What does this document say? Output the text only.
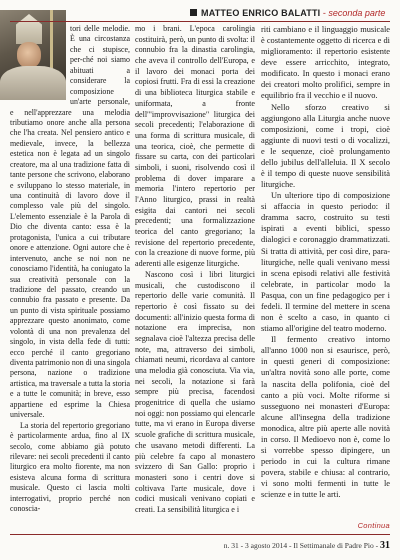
MATTEO ENRICO BALATTI - seconda parte

tori delle melodie. È una circostanza che ci stupisce, per-ché noi siamo abituati a considerare la composizione un'arte personale, e nell'apprezzare una melodia tributiamo onore anche alla persona che l'ha creata. Nel pensiero antico e medievale, invece, la bellezza estetica non è legata ad un singolo creatore, ma al una tradizione fatta di tante persone che scrivono, elaborano e sviluppano lo stesso materiale, in una continuità di lavoro dove il complesso vale più del singolo. L'elemento essenziale è la Parola di Dio che diventa canto: essa è la protagonista, l'unica a cui tributare onore e attenzione. Ogni autore che è intervenuto, anche se noi non ne conosciamo l'identità, ha coniugato la sua creatività personale con la tradizione del passato, creando un connubio fra passato e presente. Da un punto di vista spirituale possiamo apprezzare questo anonimato, come volontà di una non prevalenza del singolo, in vista della fede di tutti: ecco perché il canto gregoriano diventa patrimonio non di una singola persona, nazione o tradizione artistica, ma traversale a tutta la storia e a tutte le comunità; in breve, esso appartiene ed esprime la Chiesa universale.

La storia del repertorio gregoriano è particolarmente ardua, fino al IX secolo, come abbiamo già potuto rilevare: nei secoli precedenti il canto liturgico era molto fiorente, ma non esisteva alcuna forma di scrittura musicale. Questo ci lascia molti interrogativi, proprio perché non conoscia-

mo i brani. L'epoca carolingia costituirà, però, un punto di svolta: il connubio fra la dinastia carolingia, che aveva il controllo dell'Europa, e il lavoro dei monaci porta dei copiosi frutti. Fra di essi la creazione di una biblioteca liturgica stabile e uniformata, a fronte dell'"improvvisazione" liturgica dei secoli precedenti; l'elaborazione di una forma di scrittura musicale, di una teorica, cioè, che permette di fissare su carta, con dei particolari simboli, i suoni, risolvendo così il problema di dover imparare a memoria l'intero repertorio per l'Anno liturgico, prassi in realtà esigita dai cantori nei secoli precedenti; una formalizzazione teorica del canto gregoriano; la revisione del repertorio precedente, con la creazione di nuove forme, più aderenti alle esigenze liturgiche.

Nascono così i libri liturgici musicali, che custodiscono il repertorio delle varie comunità. Il repertorio è così fissato su dei documenti: all'inizio questa forma di notazione era imprecisa, non segnalava cioè l'altezza precisa delle note, ma, attraverso dei simboli, chiamati neumi, ricordava al cantore una melodia già conosciuta. Via via, nei secoli, la notazione si farà sempre più precisa, facendosi progenitrice di quella che usiamo noi oggi: non possiamo qui elencarle tutte, ma vi erano in Europa diverse scuole grafiche di scrittura musicale, che usavano metodi differenti. La più celebre fa capo al monastero svizzero di San Gallo: proprio i monasteri sono i centri dove si coltivava l'arte musicale, dove i codici musicali venivano copiati e creati. La sensibilità liturgica e i

riti cambiano e il linguaggio musicale è costantemente oggetto di ricerca e di miglioramento: il repertorio esistente deve essere arricchito, integrato, modificato. In questo i monaci erano dei creatori molto prolifici, sempre in equilibrio fra il vecchio e il nuovo.

Nello sforzo creativo si aggiungono alla Liturgia anche nuove composizioni, come i tropi, cioè aggiunte di nuovi testi o di vocalizzi, e le sequenze, cioè prolungamento dello jubilus dell'alleluia. Il X secolo è il tempo di queste nuove sensibilità liturgiche.

Un ulteriore tipo di composizione si affaccia in questo periodo: il dramma sacro, costruito su testi ispirati a eventi biblici, spesso dialogici e coronaggio drammatizzati. Si tratta di attività, per così dire, para-liturgiche, nelle quali venivano messi in scena episodi relativi alle festività celebrate, in particolar modo la Pasqua, con un fine pedagogico per i fedeli. Il termine del mettere in scena non è scelto a caso, in quanto ci stiamo all'origine del teatro moderno.

Il fermento creativo intorno all'anno 1000 non si esaurisce, però, in questi generi di composizione: un'altra novità sono alle porte, come la nascita della polifonia, cioè del canto a più voci. Molte riforme si susseguono nei monasteri d'Europa: alcune all'insegna della tradizione monodica, altre più aperte alle novità in corso. Il Medioevo non è, come lo si vorrebbe spesso dipingere, un periodo in cui la cultura rimane povera, stabile e chiusa: al contrario, vi sono molti fermenti in tutte le scienze e in tutte le arti.

Continua
n. 31 - 3 agosto 2014 - Il Settimanale di Padre Pio - 31
